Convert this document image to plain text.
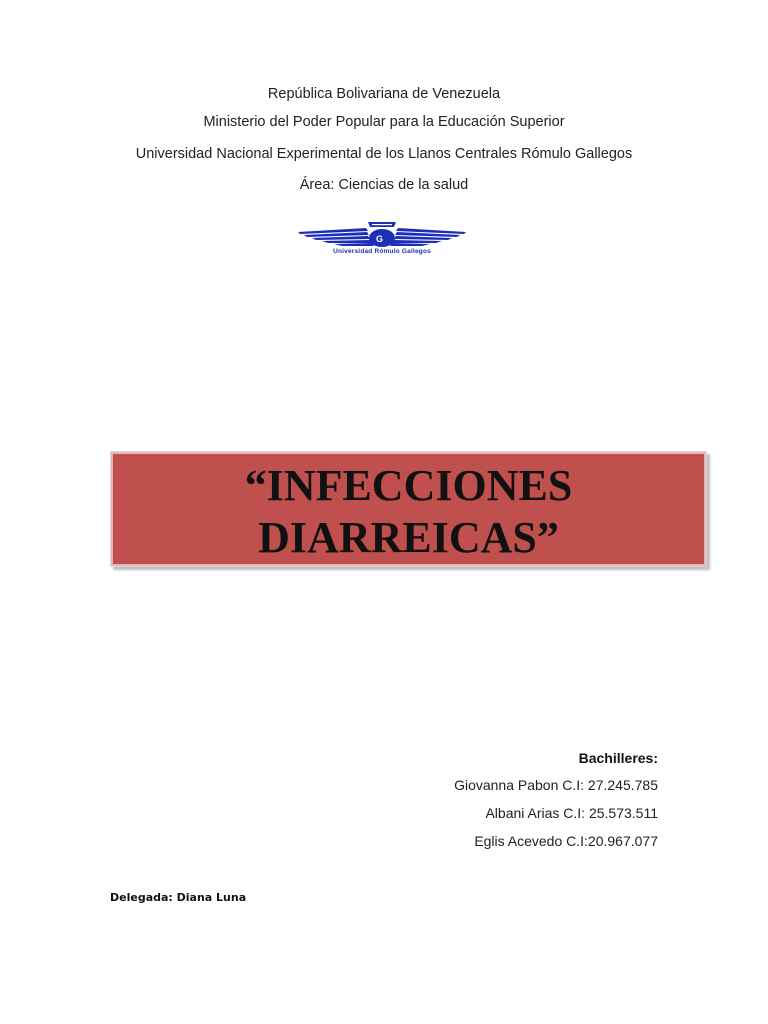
República Bolivariana de Venezuela
Ministerio del Poder Popular para la Educación Superior
Universidad Nacional Experimental de los Llanos Centrales Rómulo Gallegos
Área: Ciencias de la salud
G
Universidad Rómulo Gallegos
“INFECCIONES
DIARREICAS”
Bachilleres:
Giovanna Pabon C.I: 27.245.785
Albani Arias C.I: 25.573.511
Eglis Acevedo C.I:20.967.077
Delegada: Diana Luna
